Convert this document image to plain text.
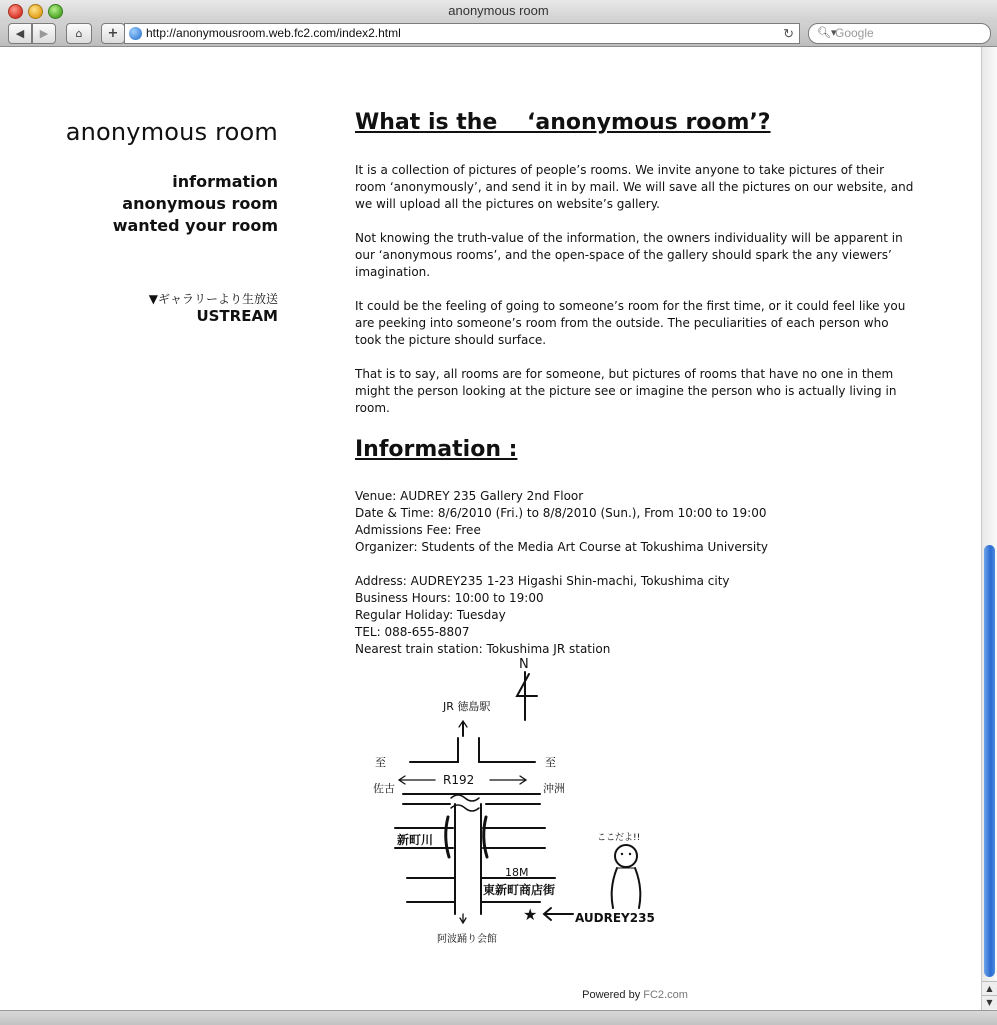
anonymous room
◀	▶	⌂	+	http://anonymousroom.web.fc2.com/index2.html	↻ 🔍︎▾
Google
anonymous room
information
anonymous room
wanted your room
▼ギャラリーより生放送
USTREAM
What is the 　‘anonymous room’?

It is a collection of pictures of people’s rooms. We invite anyone to take pictures of their room ‘anonymously’, and send it in by mail. We will save all the pictures on our website, and we will upload all the pictures on website’s gallery.

Not knowing the truth-value of the information, the owners individuality will be apparent in our ‘anonymous rooms’, and the open-space of the gallery should spark the any viewers’ imagination.

It could be the feeling of going to someone’s room for the first time, or it could feel like you are peeking into someone’s room from the outside. The peculiarities of each person who took the picture should surface.

That is to say, all rooms are for someone, but pictures of rooms that have no one in them might the person looking at the picture see or imagine the person who is actually living in room.

Information :

Venue: AUDREY 235 Gallery 2nd Floor

Date & Time: 8/6/2010 (Fri.) to 8/8/2010 (Sun.), From 10:00 to 19:00

Admissions Fee: Free

Organizer: Students of the Media Art Course at Tokushima University

Address: AUDREY235 1-23 Higashi Shin-machi, Tokushima city

Business Hours: 10:00 to 19:00

Regular Holiday: Tuesday

TEL: 088-655-8807

Nearest train station: Tokushima JR station

N
JR 徳島駅
至
佐古
R192
至
沖洲
新町川
18M
東新町商店街
★	AUDREY235
ここだよ!!
阿波踊り会館
Powered by FC2.com
▲
▼
